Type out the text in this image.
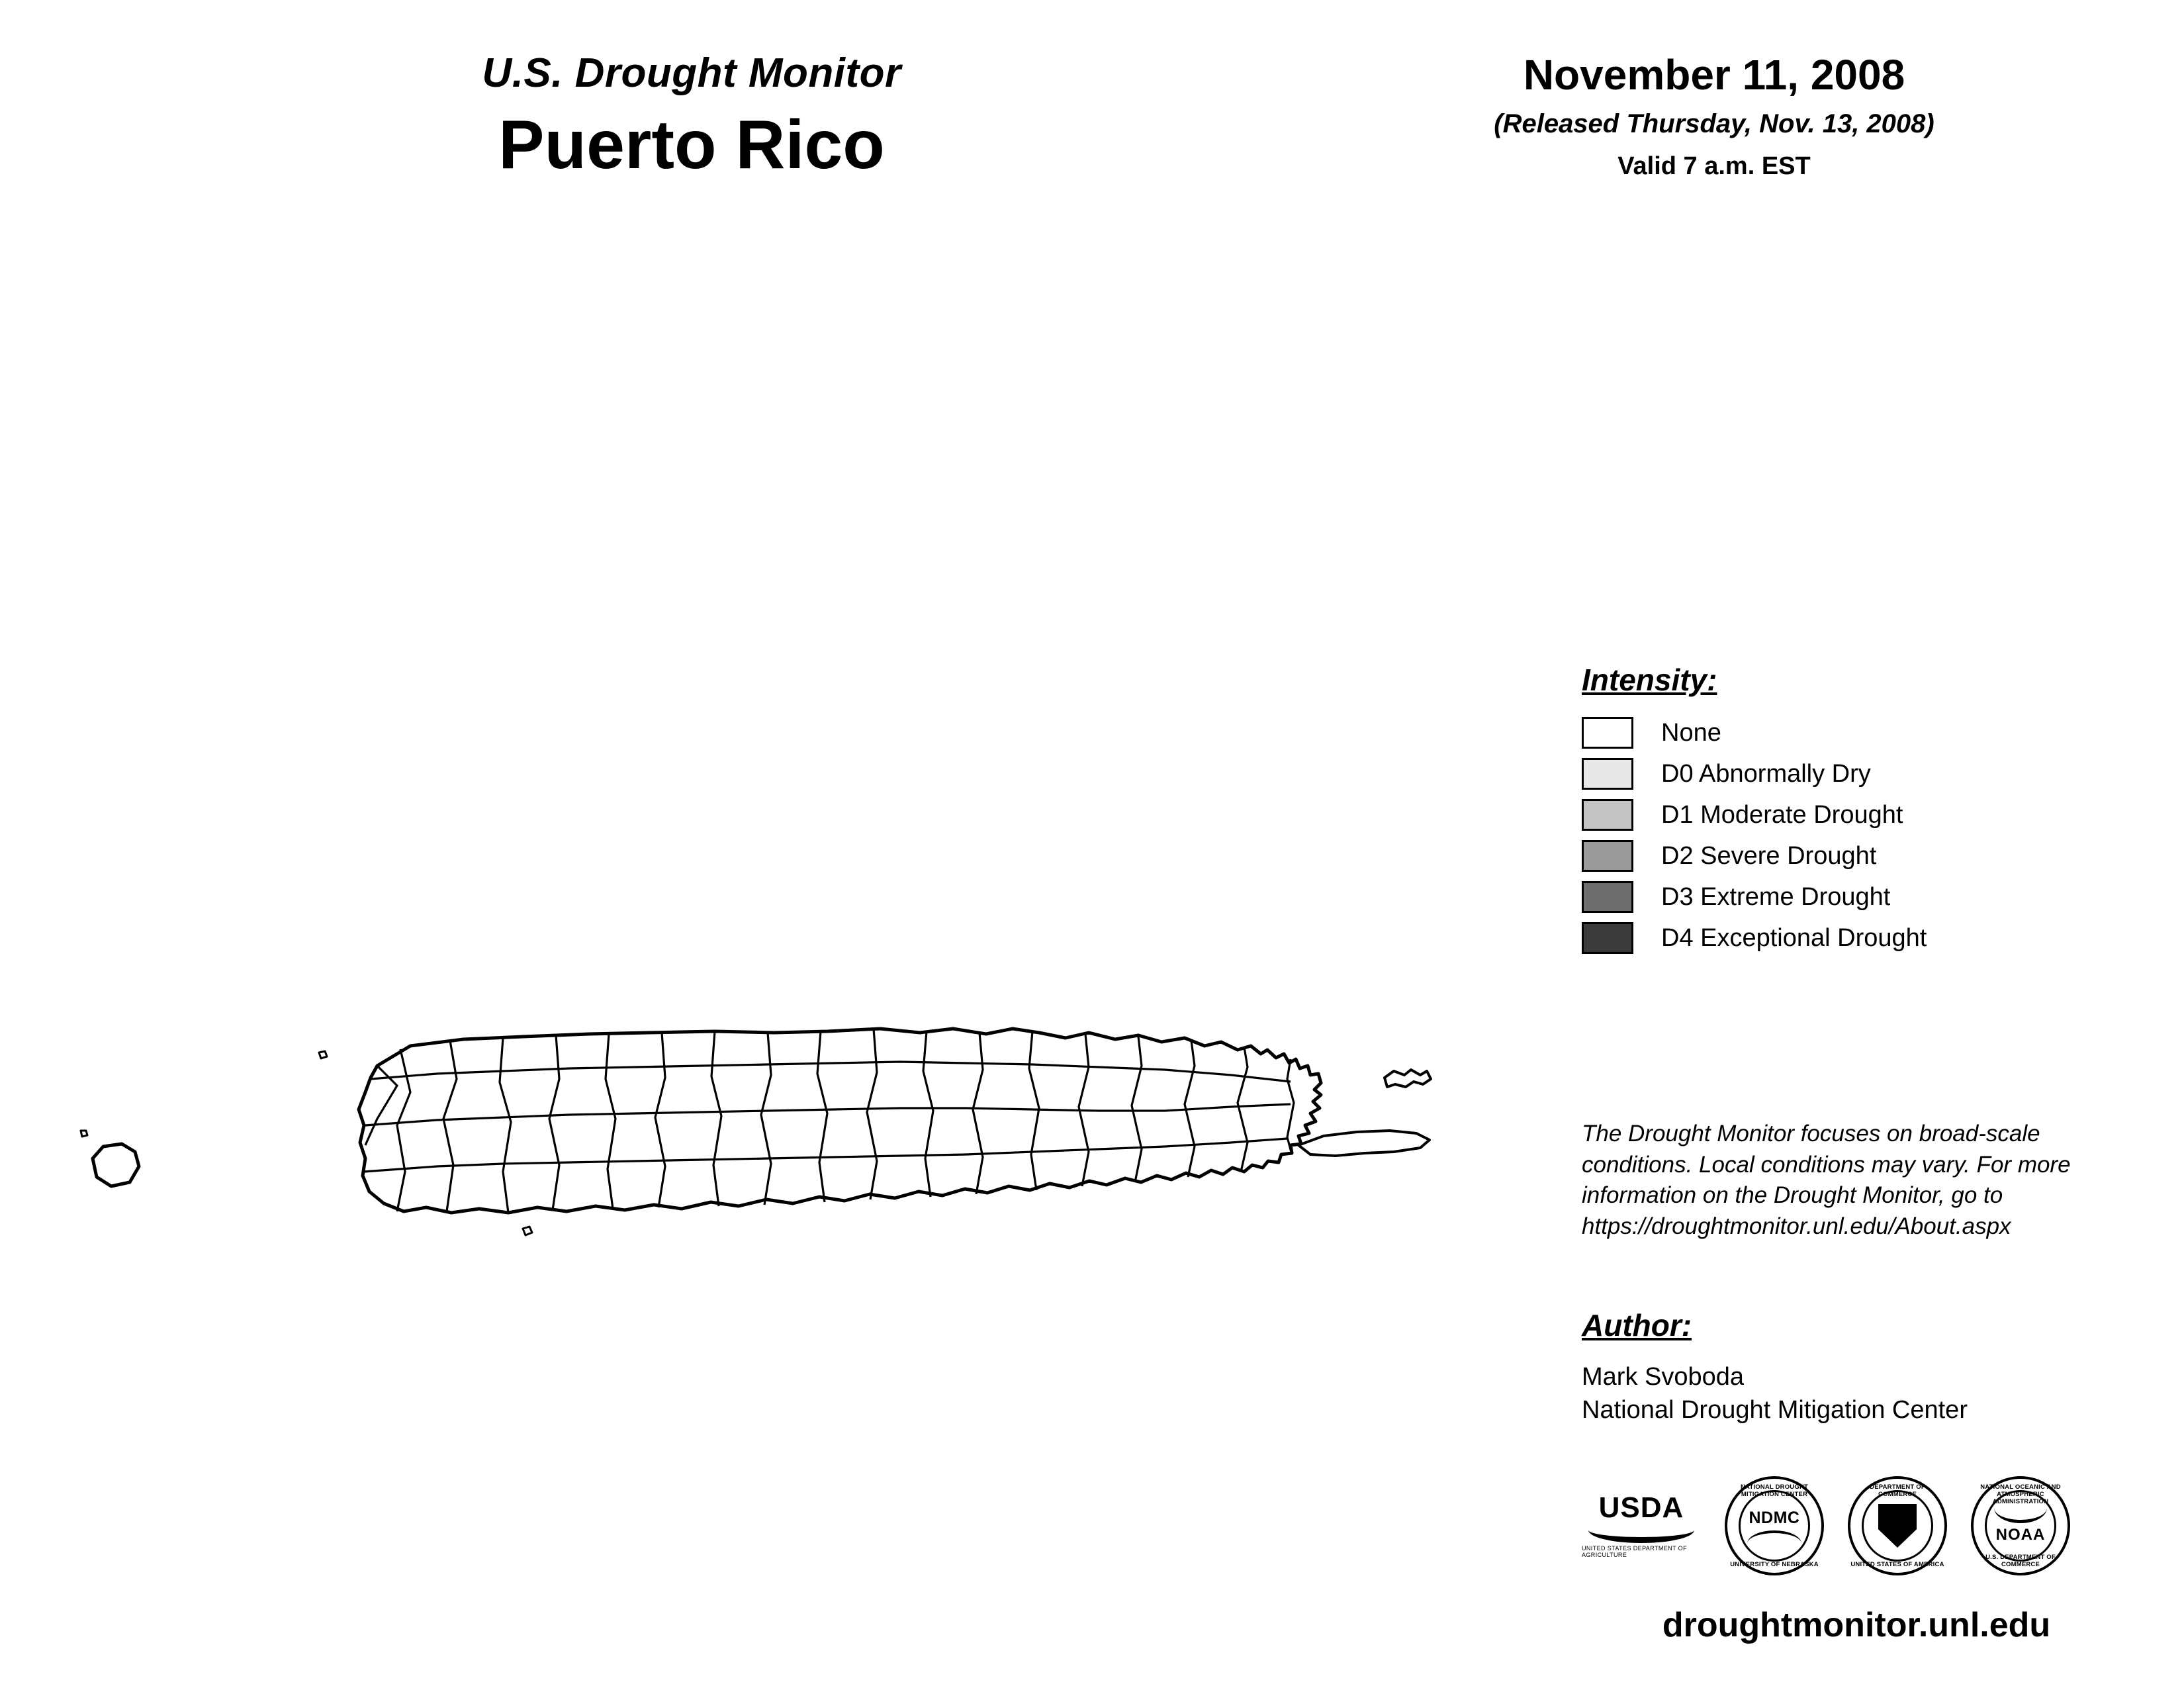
U.S. Drought Monitor
Puerto Rico
November 11, 2008
(Released Thursday, Nov. 13, 2008)
Valid 7 a.m. EST
Intensity:
None
D0 Abnormally Dry
D1 Moderate Drought
D2 Severe Drought
D3 Extreme Drought
D4 Exceptional Drought
The Drought Monitor focuses on broad-scale conditions. Local conditions may vary. For more information on the Drought Monitor, go to https://droughtmonitor.unl.edu/About.aspx
Author:
Mark Svoboda
National Drought Mitigation Center
USDA
UNITED STATES DEPARTMENT OF AGRICULTURE
NATIONAL DROUGHT MITIGATION CENTER
UNIVERSITY OF NEBRASKA
NDMC
DEPARTMENT OF COMMERCE
UNITED STATES OF AMERICA
NATIONAL OCEANIC AND ATMOSPHERIC ADMINISTRATION
U.S. DEPARTMENT OF COMMERCE
NOAA
droughtmonitor.unl.edu
